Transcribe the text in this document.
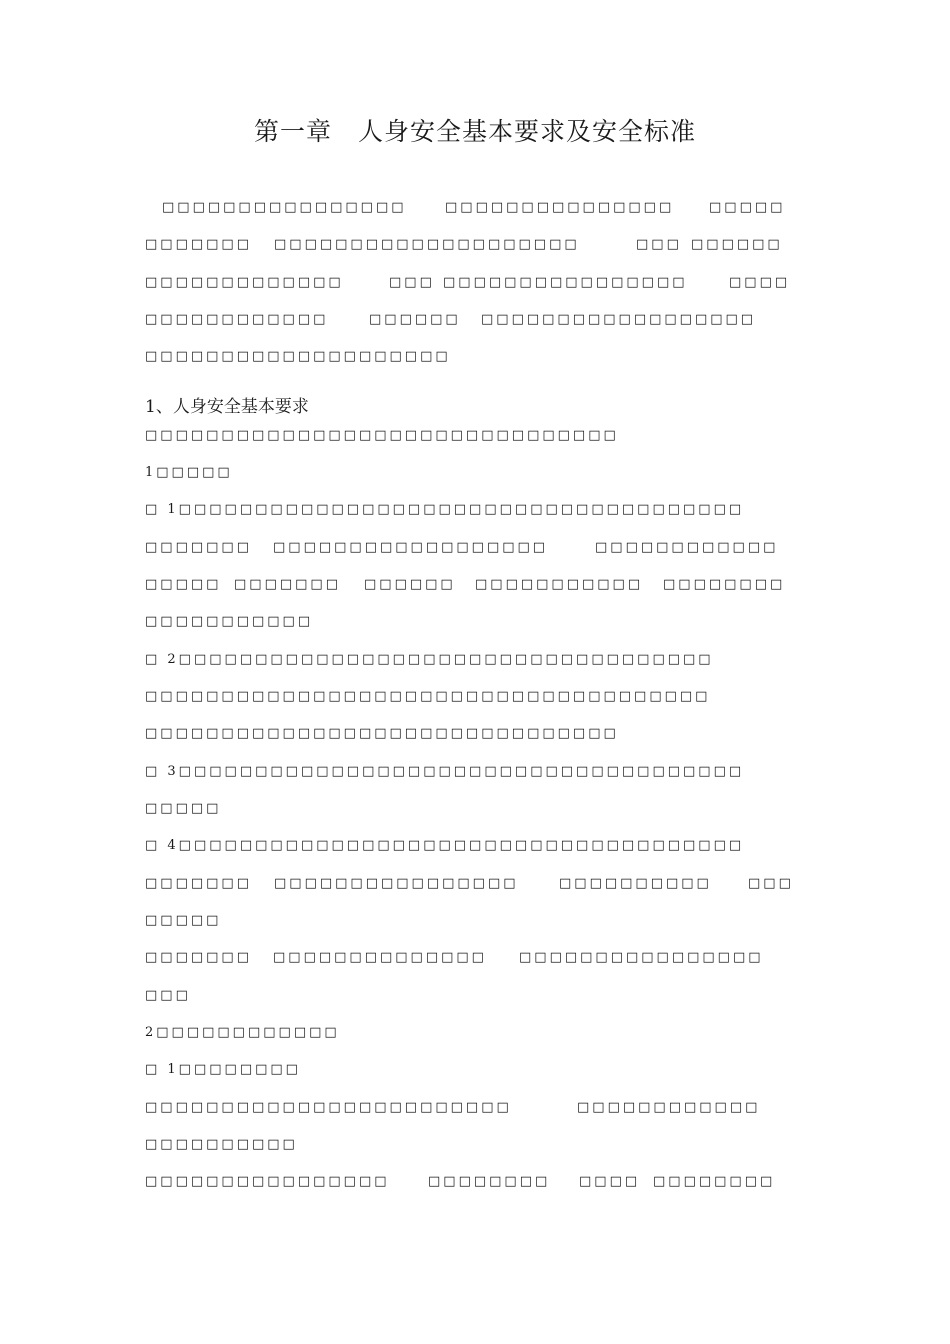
第一章 人身安全基本要求及安全标准
□□□□□□□□□□□□□□□□	□□□□□□□□□□□□□□□	□□□□□
□□□□□□□ □□□□□□□□□□□□□□□□□□□□	□□□ □□□□□□
□□□□□□□□□□□□□	□□□ □□□□□□□□□□□□□□□□	□□□□
□□□□□□□□□□□□	□□□□□□ □□□□□□□□□□□□□□□□□□
□□□□□□□□□□□□□□□□□□□□
1、人身安全基本要求
□□□□□□□□□□□□□□□□□□□□□□□□□□□□□□□
1□□□□□
□ 1□□□□□□□□□□□□□□□□□□□□□□□□□□□□□□□□□□□□□
□□□□□□□ □□□□□□□□□□□□□□□□□□	□□□□□□□□□□□□
□□□□□ □□□□□□□ □□□□□□ □□□□□□□□□□□ □□□□□□□□
□□□□□□□□□□□
□ 2□□□□□□□□□□□□□□□□□□□□□□□□□□□□□□□□□□□
□□□□□□□□□□□□□□□□□□□□□□□□□□□□□□□□□□□□□
□□□□□□□□□□□□□□□□□□□□□□□□□□□□□□□
□ 3□□□□□□□□□□□□□□□□□□□□□□□□□□□□□□□□□□□□□
□□□□□
□ 4□□□□□□□□□□□□□□□□□□□□□□□□□□□□□□□□□□□□□
□□□□□□□ □□□□□□□□□□□□□□□□	□□□□□□□□□□	□□□
□□□□□
□□□□□□□ □□□□□□□□□□□□□□ □□□□□□□□□□□□□□□□
□□□
2□□□□□□□□□□□□
□ 1□□□□□□□□
□□□□□□□□□□□□□□□□□□□□□□□□	□□□□□□□□□□□□
□□□□□□□□□□
□□□□□□□□□□□□□□□□	□□□□□□□□ □□□□ □□□□□□□□
